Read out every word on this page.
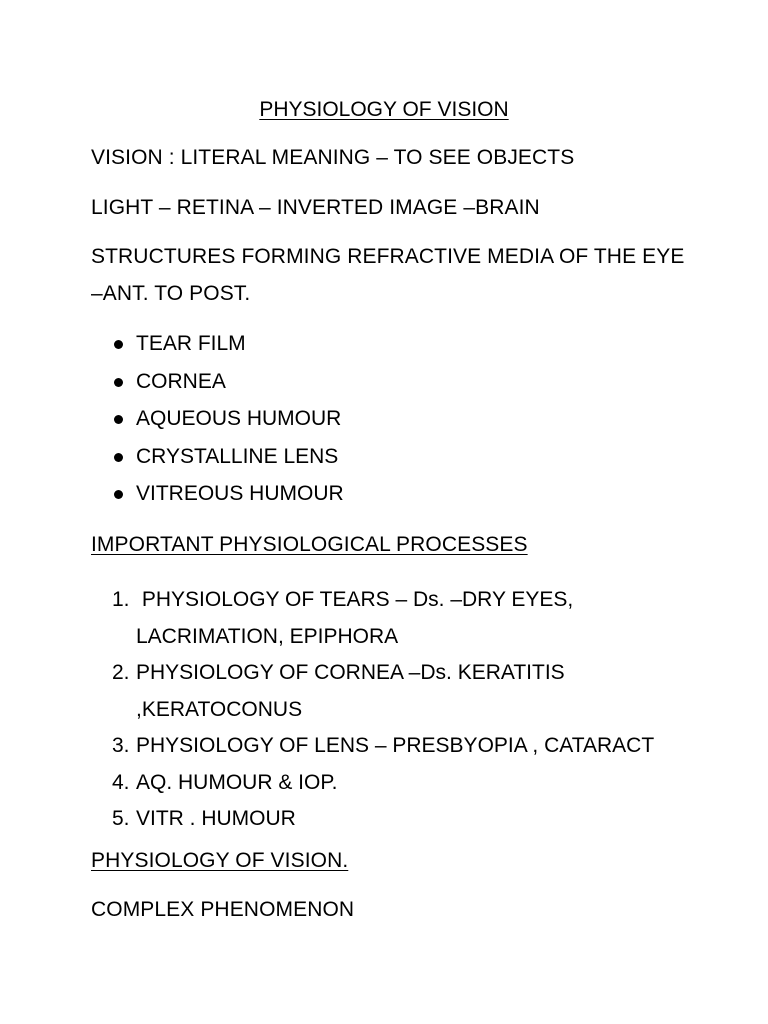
PHYSIOLOGY OF VISION
VISION : LITERAL MEANING – TO SEE OBJECTS
LIGHT – RETINA – INVERTED IMAGE –BRAIN
STRUCTURES FORMING REFRACTIVE MEDIA OF THE EYE
–ANT. TO POST.
TEAR FILM
CORNEA
AQUEOUS HUMOUR
CRYSTALLINE LENS
VITREOUS HUMOUR
IMPORTANT PHYSIOLOGICAL PROCESSES
1. PHYSIOLOGY OF TEARS – Ds. –DRY EYES,
LACRIMATION, EPIPHORA
2. PHYSIOLOGY OF CORNEA –Ds. KERATITIS
,KERATOCONUS
3. PHYSIOLOGY OF LENS – PRESBYOPIA , CATARACT
4. AQ. HUMOUR & IOP.
5. VITR . HUMOUR
PHYSIOLOGY OF VISION.
COMPLEX PHENOMENON
